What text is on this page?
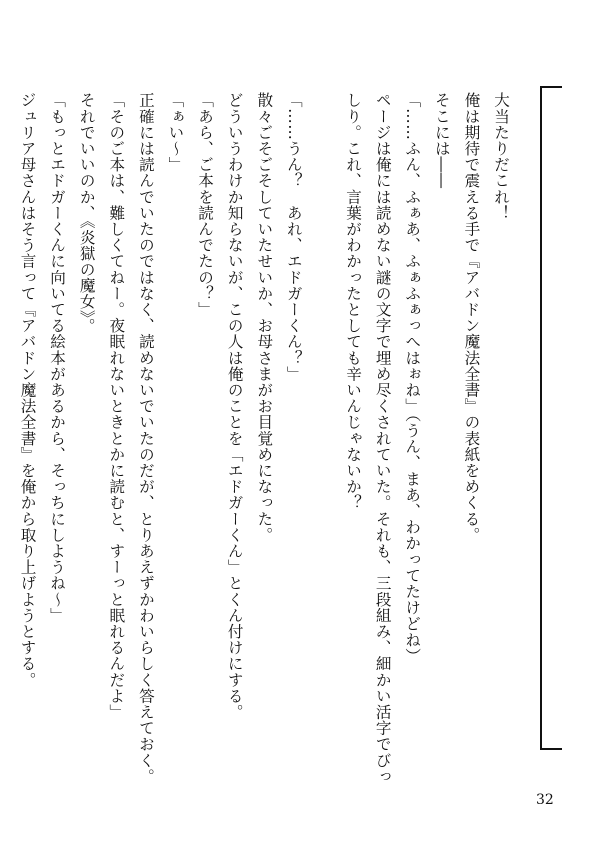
大当たりだこれ！
俺は期待で震える手で『アバドン魔法全書』の表紙をめくる。
そこには――
「……ふん、ふぁあ、ふぁふぁっへはぉね」（うん、まあ、わかってたけどね）
ページは俺には読めない謎の文字で埋め尽くされていた。それも、三段組み、細かい活字でびっ
しり。これ、言葉がわかったとしても辛いんじゃないか？
「……うん？　あれ、エドガーくん？」
散々ごそごそしていたせいか、お母さまがお目覚めになった。
どういうわけか知らないが、この人は俺のことを「エドガーくん」とくん付けにする。
「あら、ご本を読んでたの？」
「ぁい～」
正確には読んでいたのではなく、読めないでいたのだが、とりあえずかわいらしく答えておく。
「そのご本は、難しくてねー。夜眠れないときとかに読むと、すーっと眠れるんだよ」
それでいいのか、《炎獄の魔女》。
「もっとエドガーくんに向いてる絵本があるから、そっちにしようね～」
ジュリア母さんはそう言って『アバドン魔法全書』を俺から取り上げようとする。
32
